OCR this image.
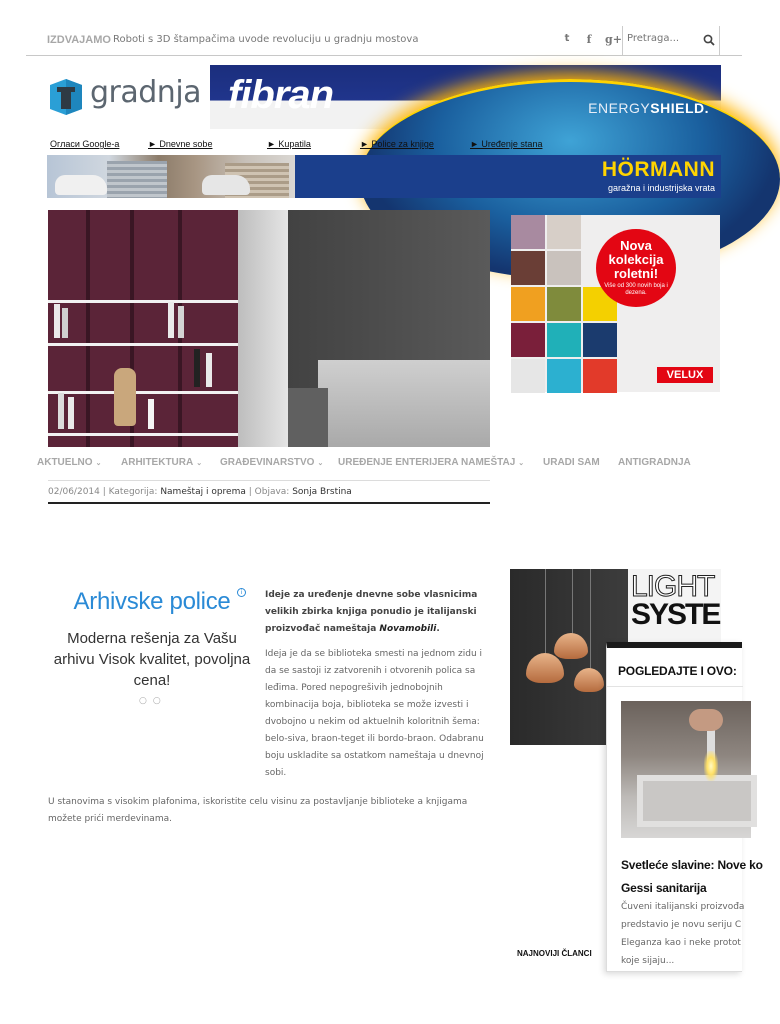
IZDVAJAMO Roboti s 3D štampačima uvode revoluciju u gradnju mostova	t	f	g+
Pretraga...
gradnja fibran	ENERGYSHIELD.
Огласи Google-а	► Dnevne sobe	► Kupatila	► Police za knjige	► Uređenje stana
HÖRMANN
garažna i industrijska vrata
Nova kolekcija roletni!
Više od 300 novih boja i dezena.
VELUX
AKTUELNO ⌄ ARHITEKTURA ⌄ GRAĐEVINARSTVO ⌄ UREĐENJE ENTERIJERA NAMEŠTAJ ⌄ URADI SAM ANTIGRADNJA
02/06/2014 | Kategorija: Nameštaj i oprema | Objava: Sonja Brstina
Arhivske police	i
Moderna rešenja za Vašu arhivu Visok kvalitet, povoljna cena!
○○
Ideje za uređenje dnevne sobe vlasnicima velikih zbirka knjiga ponudio je italijanski proizvođač nameštaja Novamobili.
Ideja je da se biblioteka smesti na jednom zidu i da se sastoji iz zatvorenih i otvorenih polica sa leđima. Pored nepogrešivih jednobojnih kombinacija boja, biblioteka se može izvesti i dvobojno u nekim od aktuelnih koloritnih šema: belo-siva, braon-teget ili bordo-braon. Odabranu boju uskladite sa ostatkom nameštaja u dnevnoj sobi.
U stanovima s visokim plafonima, iskoristite celu visinu za postavljanje biblioteke a knjigama možete prići merdevinama.
LIGHT
SYSTE
POGLEDAJTE I OVO:
Svetleće slavine: Nove ko
Gessi sanitarija
Čuveni italijanski proizvođa
predstavio je novu seriju C
Eleganza kao i neke protot
koje sijaju...
NAJNOVIJI ČLANCI
